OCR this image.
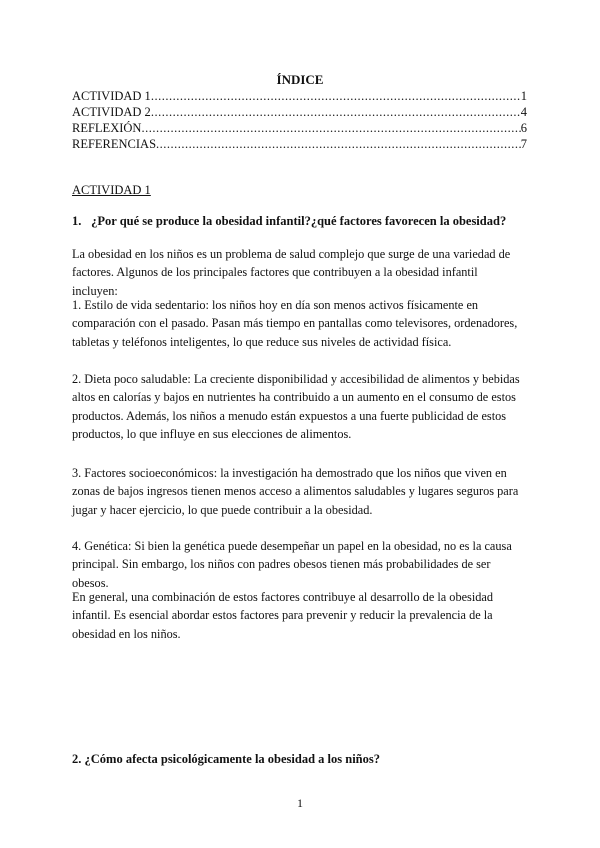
ÍNDICE
ACTIVIDAD 1 .....	1
ACTIVIDAD 2 .....	4
REFLEXIÓN .....	6
REFERENCIAS .....	7
ACTIVIDAD 1
1. ¿Por qué se produce la obesidad infantil?¿qué factores favorecen la obesidad?
La obesidad en los niños es un problema de salud complejo que surge de una variedad de factores. Algunos de los principales factores que contribuyen a la obesidad infantil incluyen:
1. Estilo de vida sedentario: los niños hoy en día son menos activos físicamente en comparación con el pasado. Pasan más tiempo en pantallas como televisores, ordenadores, tabletas y teléfonos inteligentes, lo que reduce sus niveles de actividad física.
2. Dieta poco saludable: La creciente disponibilidad y accesibilidad de alimentos y bebidas altos en calorías y bajos en nutrientes ha contribuido a un aumento en el consumo de estos productos. Además, los niños a menudo están expuestos a una fuerte publicidad de estos productos, lo que influye en sus elecciones de alimentos.
3. Factores socioeconómicos: la investigación ha demostrado que los niños que viven en zonas de bajos ingresos tienen menos acceso a alimentos saludables y lugares seguros para jugar y hacer ejercicio, lo que puede contribuir a la obesidad.
4. Genética: Si bien la genética puede desempeñar un papel en la obesidad, no es la causa principal. Sin embargo, los niños con padres obesos tienen más probabilidades de ser obesos.
En general, una combinación de estos factores contribuye al desarrollo de la obesidad infantil. Es esencial abordar estos factores para prevenir y reducir la prevalencia de la obesidad en los niños.
2. ¿Cómo afecta psicológicamente la obesidad a los niños?
1
